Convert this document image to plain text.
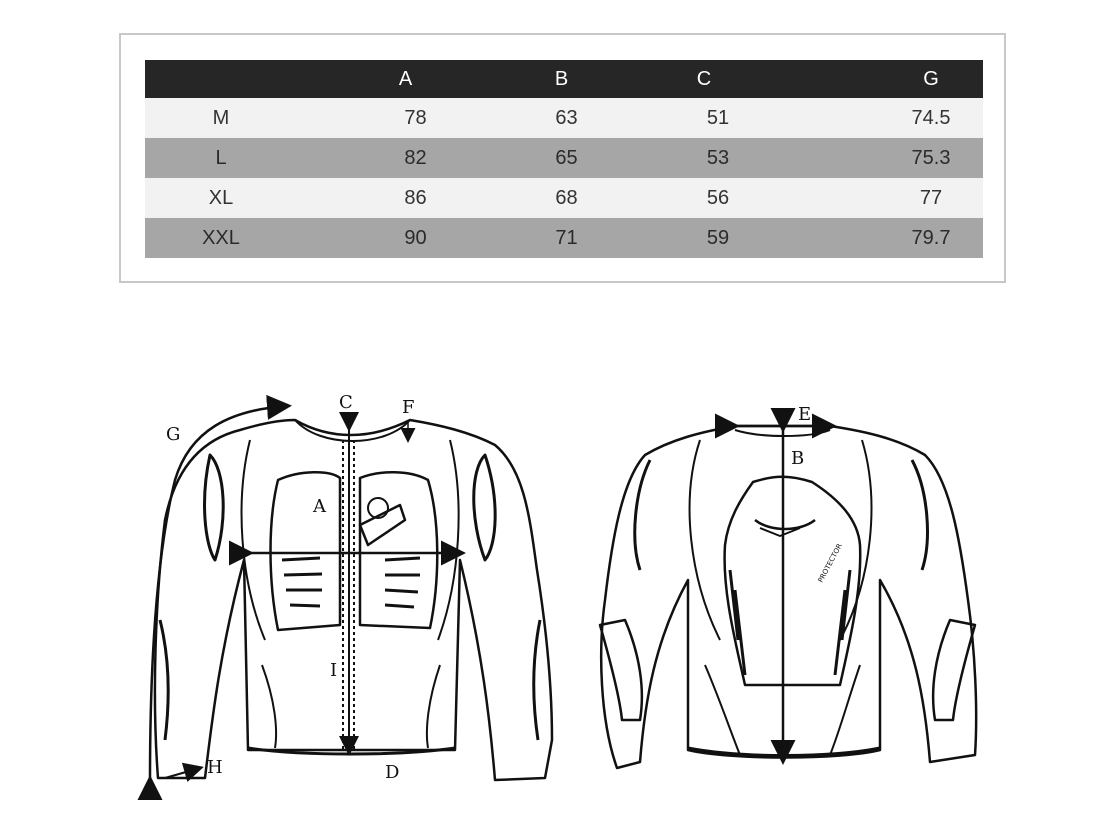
	A	B	C	G
M	78	63	51	74.5
L	82	65	53	75.3
XL	86	68	56	77
XXL	90	71	59	79.7
C	F
G
A
I
H	D
PROTECTOR
E
B
